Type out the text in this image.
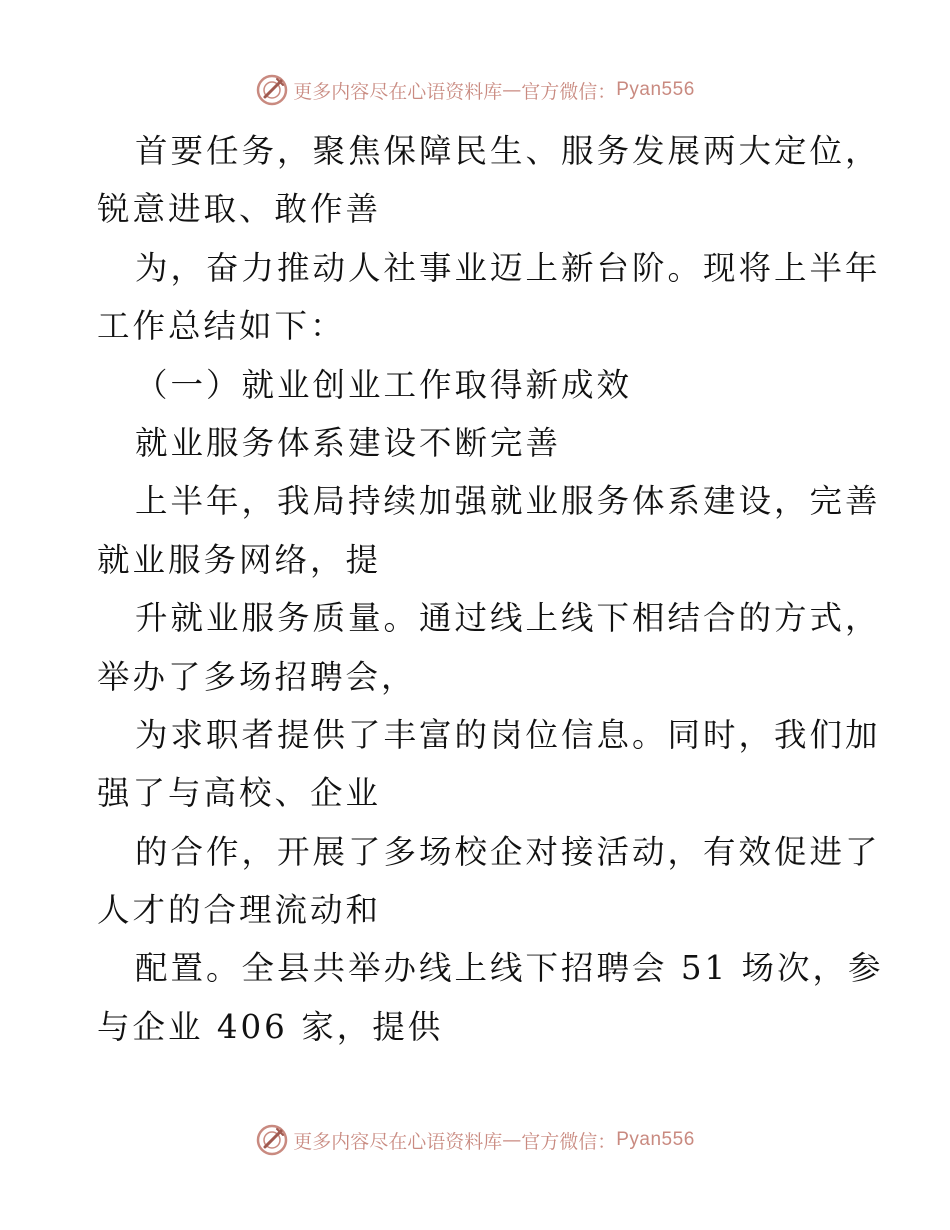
更多内容尽在心语资料库 — 官方微信： Pyan556
首要任务，聚焦保障民生、服务发展两大定位，
锐意进取、敢作善
为，奋力推动人社事业迈上新台阶。现将上半年
工作总结如下：
（一）就业创业工作取得新成效
就业服务体系建设不断完善
上半年，我局持续加强就业服务体系建设，完善
就业服务网络，提
升就业服务质量。通过线上线下相结合的方式，
举办了多场招聘会，
为求职者提供了丰富的岗位信息。同时，我们加
强了与高校、企业
的合作，开展了多场校企对接活动，有效促进了
人才的合理流动和
配置。全县共举办线上线下招聘会 51 场次，参
与企业 406 家，提供
更多内容尽在心语资料库 — 官方微信： Pyan556
